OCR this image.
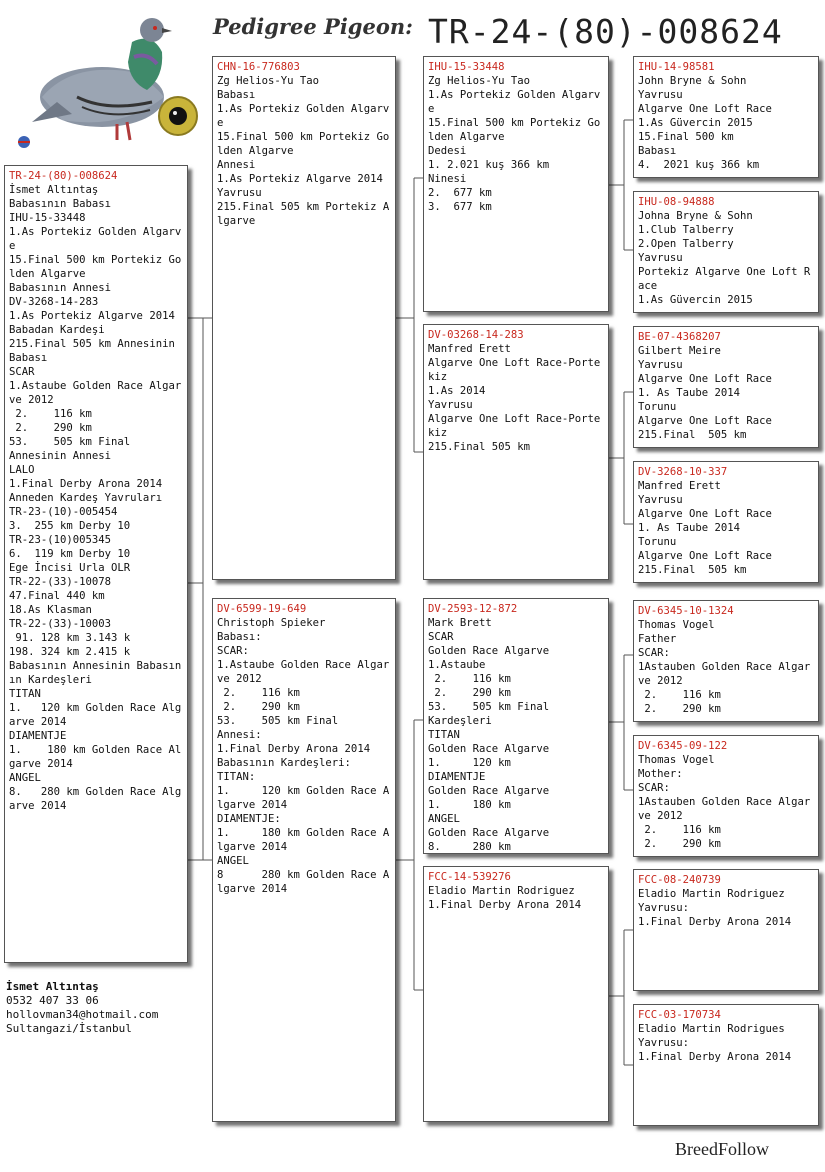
Pedigree Pigeon: TR-24-(80)-008624
TR-24-(80)-008624
İsmet Altıntaş
Babasının Babası
IHU-15-33448
1.As Portekiz Golden Algarve
15.Final 500 km Portekiz Golden Algarve
Babasının Annesi
DV-3268-14-283
1.As Portekiz Algarve 2014
Babadan Kardeşi
215.Final 505 km Annesinin Babası
SCAR
1.Astaube Golden Race Algarve 2012
2.    116 km
2.    290 km
53.    505 km Final
Annesinin Annesi
LALO
1.Final Derby Arona 2014
Anneden Kardeş Yavruları
TR-23-(10)-005454
3.  255 km Derby 10
TR-23-(10)005345
6.  119 km Derby 10
Ege İncisi Urla OLR
TR-22-(33)-10078
47.Final 440 km
18.As Klasman
TR-22-(33)-10003
91. 128 km 3.143 k
198. 324 km 2.415 k
Babasının Annesinin Babasının Kardeşleri
TITAN
1.   120 km Golden Race Algarve 2014
DIAMENTJE
1.    180 km Golden Race Algarve 2014
ANGEL
8.   280 km Golden Race Algarve 2014
CHN-16-776803
Zg Helios-Yu Tao
Babası
1.As Portekiz Golden Algarve
15.Final 500 km Portekiz Golden Algarve
Annesi
1.As Portekiz Algarve 2014
Yavrusu
215.Final 505 km Portekiz Algarve
DV-6599-19-649
Christoph Spieker
Babası:
SCAR:
1.Astaube Golden Race Algarve 2012
2.    116 km
2.    290 km
53.    505 km Final
Annesi:
1.Final Derby Arona 2014
Babasının Kardeşleri:
TITAN:
1.     120 km Golden Race Algarve 2014
DIAMENTJE:
1.     180 km Golden Race Algarve 2014
ANGEL
8      280 km Golden Race Algarve 2014
IHU-15-33448
Zg Helios-Yu Tao
1.As Portekiz Golden Algarve
15.Final 500 km Portekiz Golden Algarve
Dedesi
1. 2.021 kuş 366 km
Ninesi
2.  677 km
3.  677 km
DV-03268-14-283
Manfred Erett
Algarve One Loft Race-Portekiz
1.As 2014
Yavrusu
Algarve One Loft Race-Portekiz
215.Final 505 km
DV-2593-12-872
Mark Brett
SCAR
Golden Race Algarve
1.Astaube
2.    116 km
2.    290 km
53.    505 km Final
Kardeşleri
TITAN
Golden Race Algarve
1.     120 km
DIAMENTJE
Golden Race Algarve
1.     180 km
ANGEL
Golden Race Algarve
8.     280 km
FCC-14-539276
Eladio Martin Rodriguez
1.Final Derby Arona 2014
IHU-14-98581
John Bryne & Sohn
Yavrusu
Algarve One Loft Race
1.As Güvercin 2015
15.Final 500 km
Babası
4.  2021 kuş 366 km
IHU-08-94888
Johna Bryne & Sohn
1.Club Talberry
2.Open Talberry
Yavrusu
Portekiz Algarve One Loft Race
1.As Güvercin 2015
BE-07-4368207
Gilbert Meire
Yavrusu
Algarve One Loft Race
1. As Taube 2014
Torunu
Algarve One Loft Race
215.Final  505 km
DV-3268-10-337
Manfred Erett
Yavrusu
Algarve One Loft Race
1. As Taube 2014
Torunu
Algarve One Loft Race
215.Final  505 km
DV-6345-10-1324
Thomas Vogel
Father
SCAR:
1Astauben Golden Race Algarve 2012
2.    116 km
2.    290 km
DV-6345-09-122
Thomas Vogel
Mother:
SCAR:
1Astauben Golden Race Algarve 2012
2.    116 km
2.    290 km
FCC-08-240739
Eladio Martin Rodriguez
Yavrusu:
1.Final Derby Arona 2014
FCC-03-170734
Eladio Martin Rodrigues
Yavrusu:
1.Final Derby Arona 2014
İsmet Altıntaş
0532 407 33 06
hollovman34@hotmail.com
Sultangazi/İstanbul
BreedFollow
